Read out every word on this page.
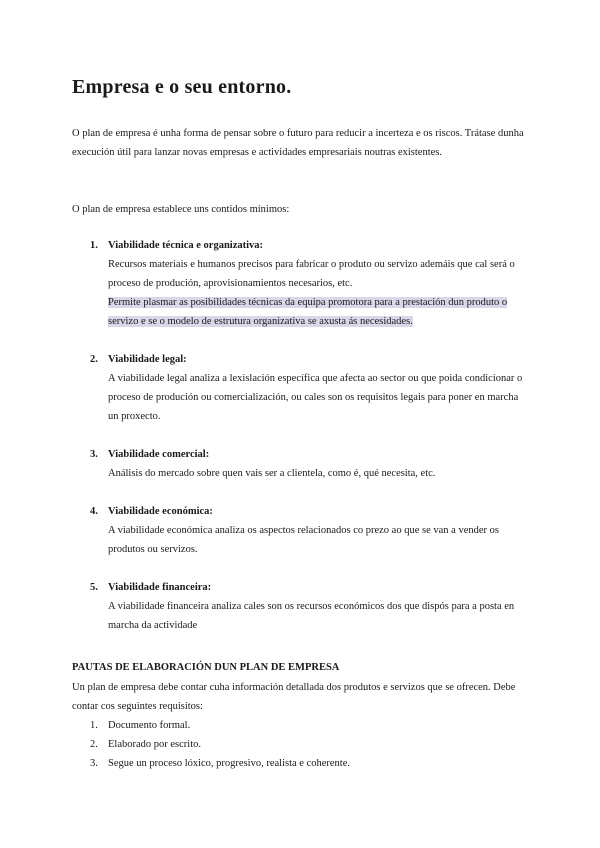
Empresa e o seu entorno.

O plan de empresa é unha forma de pensar sobre o futuro para reducir a incerteza e os riscos. Trátase dunha execución útil para lanzar novas empresas e actividades empresariais noutras existentes.

O plan de empresa establece uns contidos mínimos:

1. Viabilidade técnica e organizativa:

Recursos materiais e humanos precisos para fabricar o produto ou servizo ademáis que cal será o proceso de produción, aprovisionamientos necesarios, etc.

Permite plasmar as posibilidades técnicas da equipa promotora para a prestación dun produto o servizo e se o modelo de estrutura organizativa se axusta ás necesidades.

2. Viabilidade legal:

A viabilidade legal analiza a lexislación específica que afecta ao sector ou que poida condicionar o proceso de produción ou comercialización, ou cales son os requisitos legais para poner en marcha un proxecto.

3. Viabilidade comercial:

Análisis do mercado sobre quen vais ser a clientela, como é, qué necesita, etc.

4. Viabilidade económica:

A viabilidade económica analiza os aspectos relacionados co prezo ao que se van a vender os produtos ou servizos.

5. Viabilidade financeira:

A viabilidade financeira analiza cales son os recursos económicos dos que dispós para a posta en marcha da actividade

PAUTAS DE ELABORACIÓN DUN PLAN DE EMPRESA

Un plan de empresa debe contar cuha información detallada dos produtos e servizos que se ofrecen. Debe contar cos seguintes requisitos:

1. Documento formal.
2. Elaborado por escrito.
3. Segue un proceso lóxico, progresivo, realista e coherente.
